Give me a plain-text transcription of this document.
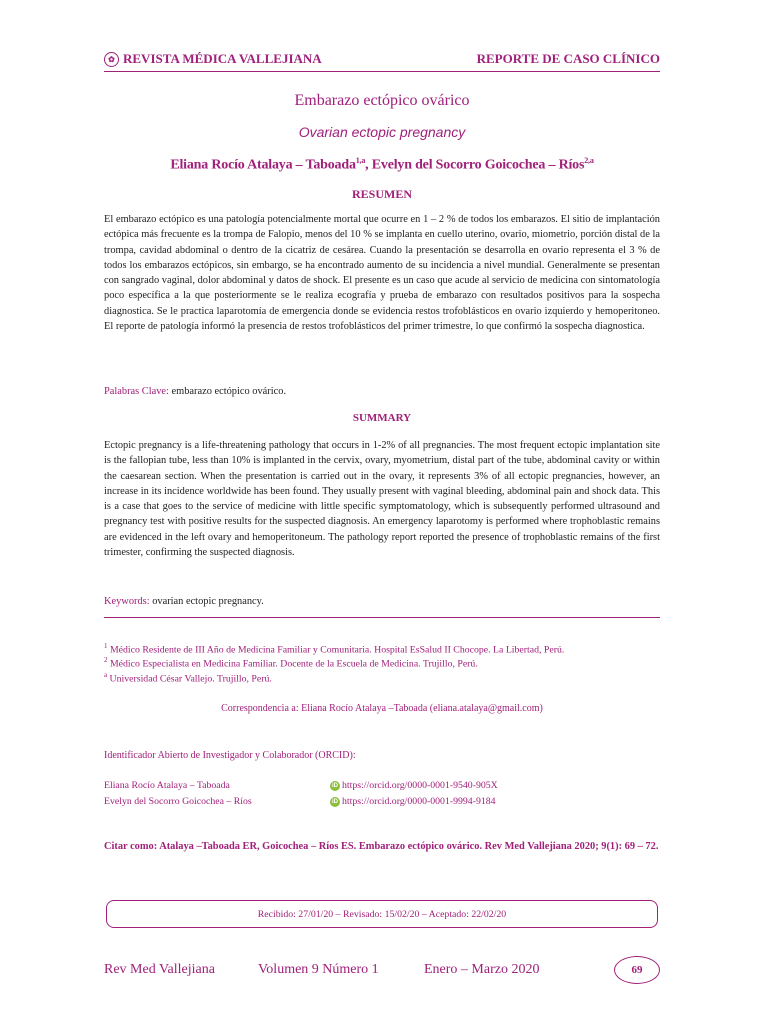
✿ REVISTA MÉDICA VALLEJIANA	REPORTE DE CASO CLÍNICO
Embarazo ectópico ovárico
Ovarian ectopic pregnancy
Eliana Rocío Atalaya – Taboada$^{1,a}$, Evelyn del Socorro Goicochea – Ríos$^{2,a}$
RESUMEN
El embarazo ectópico es una patología potencialmente mortal que ocurre en 1 – 2 % de todos los embarazos. El sitio de implantación ectópica más frecuente es la trompa de Falopio, menos del 10 % se implanta en cuello uterino, ovario, miometrio, porción distal de la trompa, cavidad abdominal o dentro de la cicatriz de cesárea. Cuando la presentación se desarrolla en ovario representa el 3 % de todos los embarazos ectópicos, sin embargo, se ha encontrado aumento de su incidencia a nivel mundial. Generalmente se presentan con sangrado vaginal, dolor abdominal y datos de shock. El presente es un caso que acude al servicio de medicina con sintomatología poco específica a la que posteriormente se le realiza ecografía y prueba de embarazo con resultados positivos para la sospecha diagnostica. Se le practica laparotomía de emergencia donde se evidencia restos trofoblásticos en ovario izquierdo y hemoperitoneo. El reporte de patología informó la presencia de restos trofoblásticos del primer trimestre, lo que confirmó la sospecha diagnostica.
Palabras Clave: embarazo ectópico ovárico.
SUMMARY
Ectopic pregnancy is a life-threatening pathology that occurs in 1-2% of all pregnancies. The most frequent ectopic implantation site is the fallopian tube, less than 10% is implanted in the cervix, ovary, myometrium, distal part of the tube, abdominal cavity or within the caesarean section. When the presentation is carried out in the ovary, it represents 3% of all ectopic pregnancies, however, an increase in its incidence worldwide has been found. They usually present with vaginal bleeding, abdominal pain and shock data. This is a case that goes to the service of medicine with little specific symptomatology, which is subsequently performed ultrasound and pregnancy test with positive results for the suspected diagnosis. An emergency laparotomy is performed where trophoblastic remains are evidenced in the left ovary and hemoperitoneum. The pathology report reported the presence of trophoblastic remains of the first trimester, confirming the suspected diagnosis.
Keywords: ovarian ectopic pregnancy.
$^1$ Médico Residente de III Año de Medicina Familiar y Comunitaria. Hospital EsSalud II Chocope. La Libertad, Perú.
$^2$ Médico Especialista en Medicina Familiar. Docente de la Escuela de Medicina. Trujillo, Perú.
$^a$ Universidad César Vallejo. Trujillo, Perú.
Correspondencia a: Eliana Rocío Atalaya –Taboada (eliana.atalaya@gmail.com)
Identificador Abierto de Investigador y Colaborador (ORCID):
Eliana Rocío Atalaya – Taboada	iD https://orcid.org/0000-0001-9540-905X
Evelyn del Socorro Goicochea – Ríos	iD https://orcid.org/0000-0001-9994-9184
Citar como: Atalaya –Taboada ER, Goicochea – Ríos ES. Embarazo ectópico ovárico. Rev Med Vallejiana 2020; 9(1): 69 – 72.
Recibido: 27/01/20 – Revisado: 15/02/20 – Aceptado: 22/02/20
Rev Med Vallejiana	Volumen 9 Número 1	Enero – Marzo 2020	69
